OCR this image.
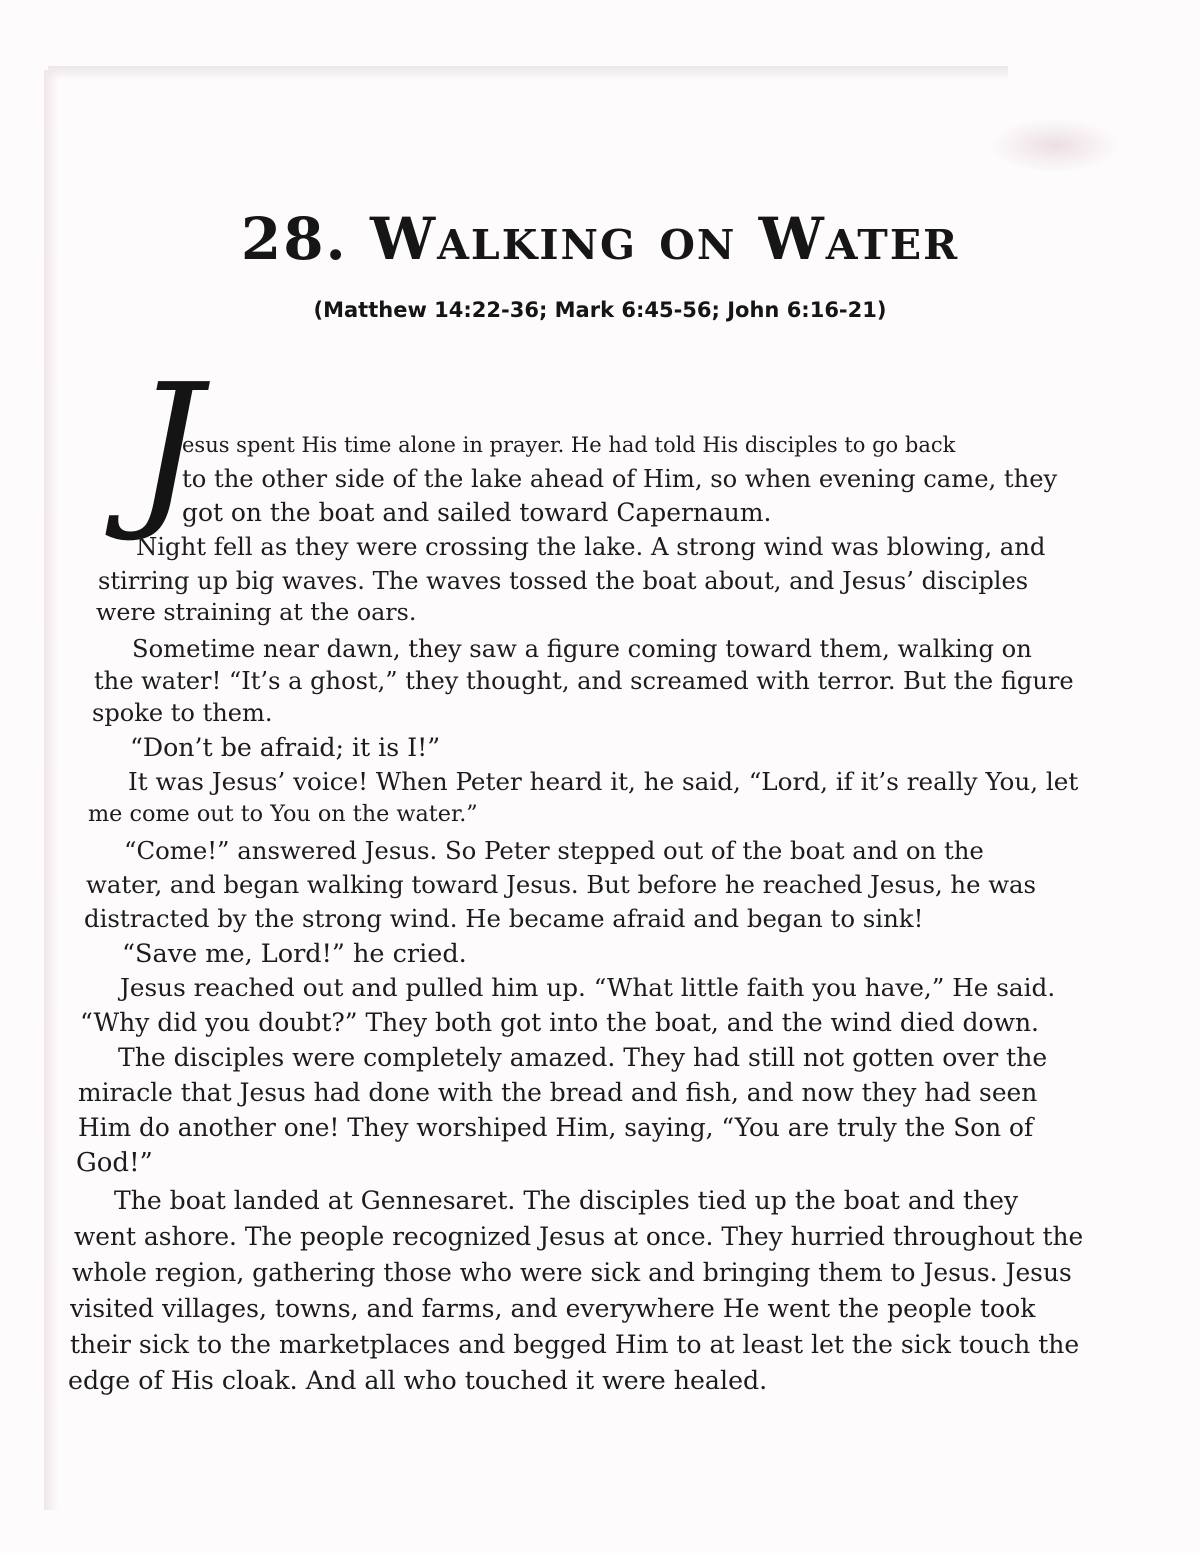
28. Walking on Water

(Matthew 14:22-36; Mark 6:45-56; John 6:16-21)

J
esus spent His time alone in prayer. He had told His disciples to go back
to the other side of the lake ahead of Him, so when evening came, they
got on the boat and sailed toward Capernaum.
Night fell as they were crossing the lake. A strong wind was blowing, and
stirring up big waves. The waves tossed the boat about, and Jesus’ disciples
were straining at the oars.
Sometime near dawn, they saw a figure coming toward them, walking on
the water! “It’s a ghost,” they thought, and screamed with terror. But the figure
spoke to them.
“Don’t be afraid; it is I!”
It was Jesus’ voice! When Peter heard it, he said, “Lord, if it’s really You, let
me come out to You on the water.”
“Come!” answered Jesus. So Peter stepped out of the boat and on the
water, and began walking toward Jesus. But before he reached Jesus, he was
distracted by the strong wind. He became afraid and began to sink!
“Save me, Lord!” he cried.
Jesus reached out and pulled him up. “What little faith you have,” He said.
“Why did you doubt?” They both got into the boat, and the wind died down.
The disciples were completely amazed. They had still not gotten over the
miracle that Jesus had done with the bread and fish, and now they had seen
Him do another one! They worshiped Him, saying, “You are truly the Son of
God!”
The boat landed at Gennesaret. The disciples tied up the boat and they
went ashore. The people recognized Jesus at once. They hurried throughout the
whole region, gathering those who were sick and bringing them to Jesus. Jesus
visited villages, towns, and farms, and everywhere He went the people took
their sick to the marketplaces and begged Him to at least let the sick touch the
edge of His cloak. And all who touched it were healed.
